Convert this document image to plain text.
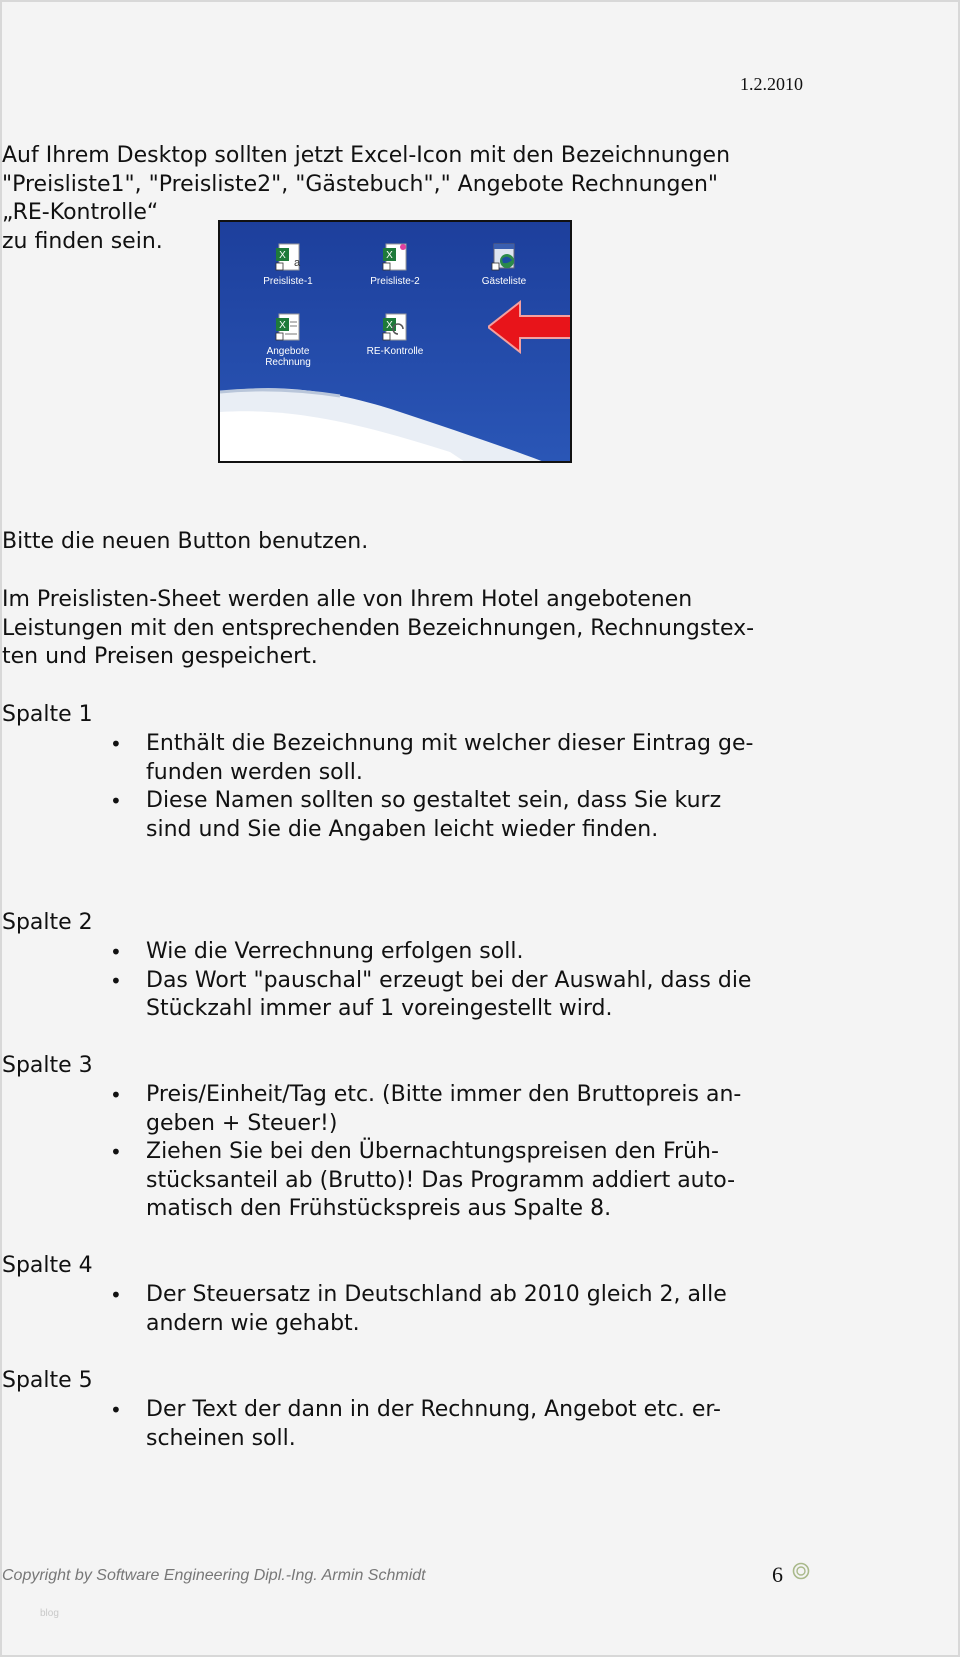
1.2.2010
Auf Ihrem Desktop sollten jetzt Excel-Icon mit den Bezeichnungen
"Preisliste1", "Preisliste2", "Gästebuch"," Angebote Rechnungen"
„RE-Kontrolle“
zu finden sein.
X
a
Preisliste-1
X
Preisliste-2	Gästeliste
X
Angebote Rechnung
X
RE-Kontrolle
Bitte die neuen Button benutzen.
Im Preislisten-Sheet werden alle von Ihrem Hotel angebotenen
Leistungen mit den entsprechenden Bezeichnungen, Rechnungstex-
ten und Preisen gespeichert.
Spalte 1
• Enthält die Bezeichnung mit welcher dieser Eintrag ge-
funden werden soll.
• Diese Namen sollten so gestaltet sein, dass Sie kurz
sind und Sie die Angaben leicht wieder finden.
Spalte 2
• Wie die Verrechnung erfolgen soll.
• Das Wort "pauschal" erzeugt bei der Auswahl, dass die
Stückzahl immer auf 1 voreingestellt wird.
Spalte 3
• Preis/Einheit/Tag etc. (Bitte immer den Bruttopreis an-
geben + Steuer!)
• Ziehen Sie bei den Übernachtungspreisen den Früh-
stücksanteil ab (Brutto)! Das Programm addiert auto-
matisch den Frühstückspreis aus Spalte 8.
Spalte 4
• Der Steuersatz in Deutschland ab 2010 gleich 2, alle
andern wie gehabt.
Spalte 5
• Der Text der dann in der Rechnung, Angebot etc. er-
scheinen soll.
Copyright by Software Engineering Dipl.-Ing. Armin Schmidt	6
blog
